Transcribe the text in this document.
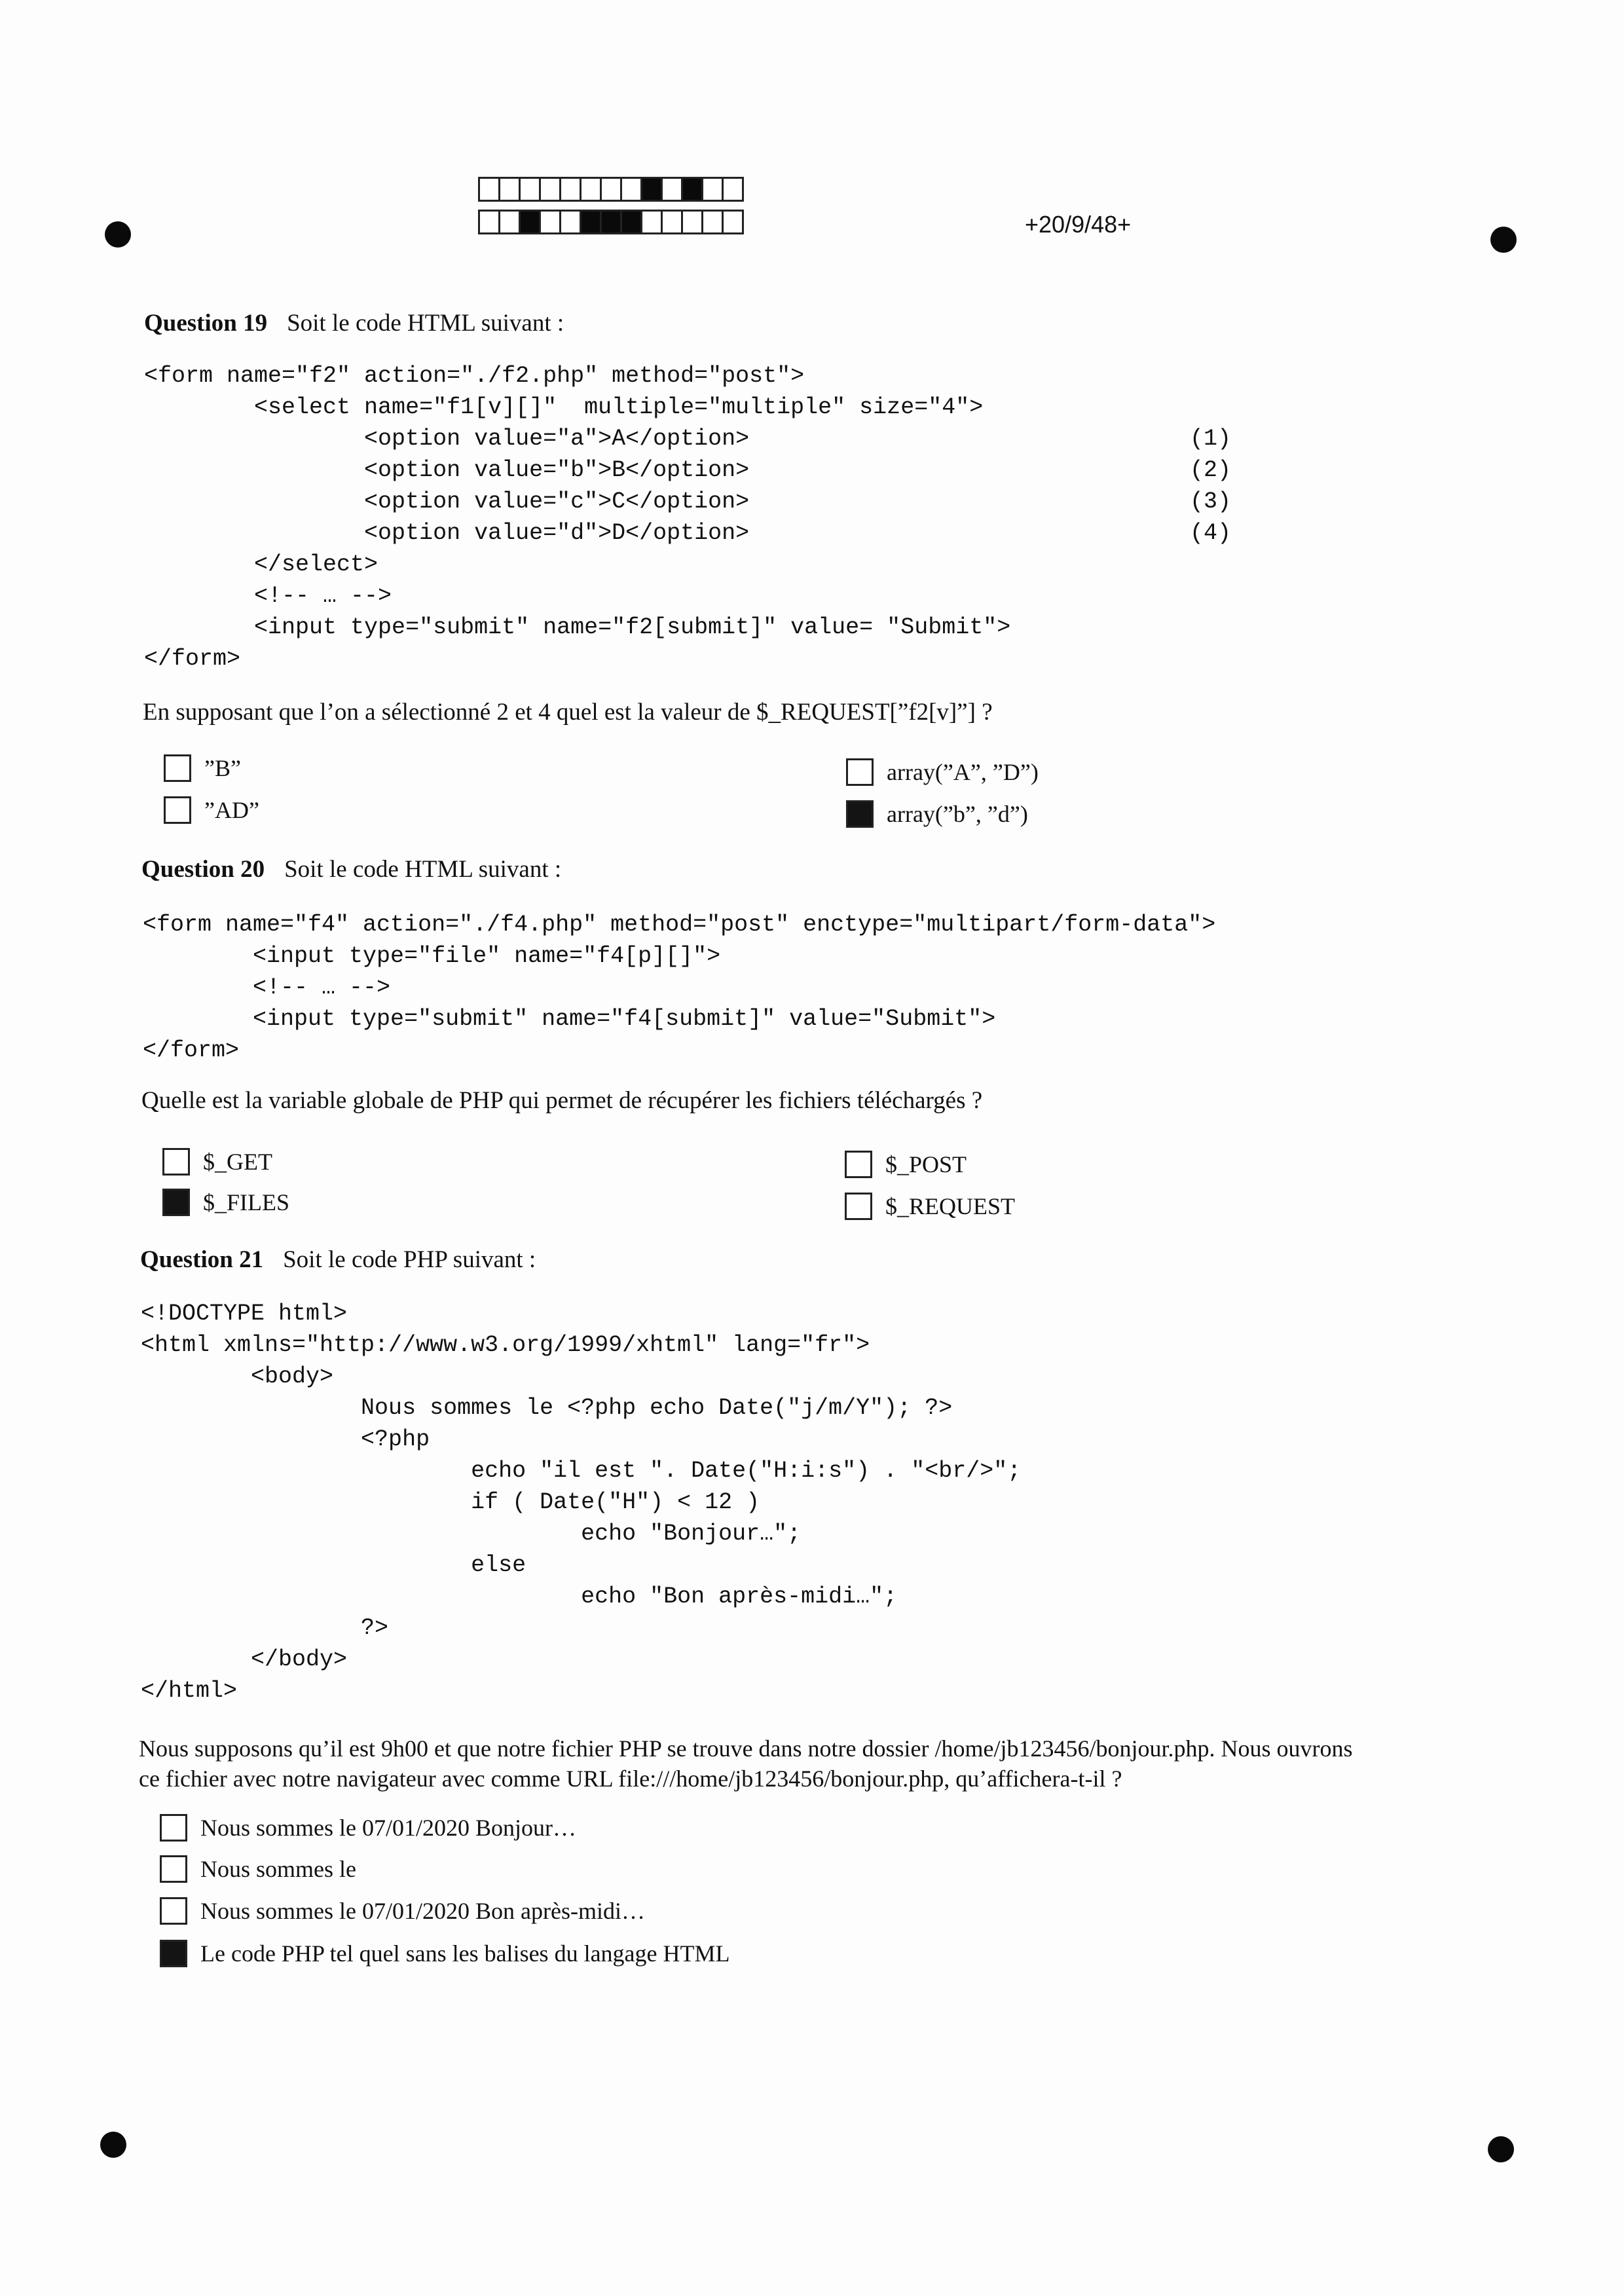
+20/9/48+
Question 19 Soit le code HTML suivant :
<form name="f2" action="./f2.php" method="post">
<select name="f1[v][]"  multiple="multiple" size="4">
<option value="a">A</option>	(1)
<option value="b">B</option>	(2)
<option value="c">C</option>	(3)
<option value="d">D</option>	(4)
</select>
<!-- … -->
<input type="submit" name="f2[submit]" value= "Submit">
</form>
En supposant que l’on a sélectionné 2 et 4 quel est la valeur de $_REQUEST[”f2[v]”] ?
”B”
”AD”
array(”A”, ”D”)
array(”b”, ”d”)
Question 20 Soit le code HTML suivant :
<form name="f4" action="./f4.php" method="post" enctype="multipart/form-data">
<input type="file" name="f4[p][]">
<!-- … -->
<input type="submit" name="f4[submit]" value="Submit">
</form>
Quelle est la variable globale de PHP qui permet de récupérer les fichiers téléchargés ?
$_GET
$_FILES
$_POST
$_REQUEST
Question 21 Soit le code PHP suivant :
<!DOCTYPE html>
<html xmlns="http://www.w3.org/1999/xhtml" lang="fr">
<body>
Nous sommes le <?php echo Date("j/m/Y"); ?>
<?php
echo "il est ". Date("H:i:s") . "<br/>";
if ( Date("H") < 12 )
echo "Bonjour…";
else
echo "Bon après-midi…";
?>
</body>
</html>
Nous supposons qu’il est 9h00 et que notre fichier PHP se trouve dans notre dossier /home/jb123456/bonjour.php. Nous ouvrons
ce fichier avec notre navigateur avec comme URL file:///home/jb123456/bonjour.php, qu’affichera-t-il ?
Nous sommes le 07/01/2020 Bonjour…
Nous sommes le
Nous sommes le 07/01/2020 Bon après-midi…
Le code PHP tel quel sans les balises du langage HTML
